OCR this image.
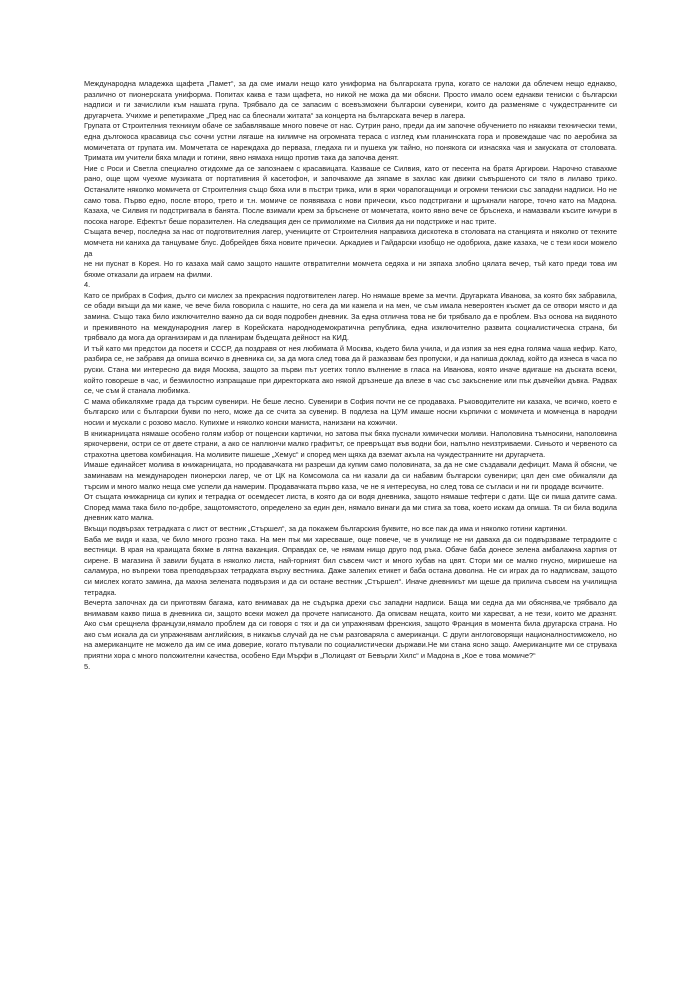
Международна младежка щафета „Памет“, за да сме имали нещо като униформа на българската група, когато се наложи да облечем нещо еднакво, различно от пионерската униформа. Попитах каква е тази щафета, но никой не можа да ми обясни. Просто имало осем еднакви тениски с български надписи и ги зачислили към нашата група. Трябвало да се запасим с всевъзможни български сувенири, които да разменяме с чуждестранните си другарчета. Учихме и репетирахме „Пред нас са блеснали житата“ за концерта на българската вечер в лагера.

Групата от Строителния техникум обаче се забавляваше много повече от нас. Сутрин рано, преди да им започне обучението по някакви технически теми, една дългокоса красавица със сочни устни лягаше на килимче на огромната тераса с изглед към планинската гора и провеждаше час по аеробика за момичетата от групата им. Момчетата се нареждаха до перваза, гледаха ги и пушеха уж тайно, но понякога си изнасяха чая и закуската от столовата. Тримата им учители бяха млади и готини, явно нямаха нищо против така да започва денят.

Ние с Роси и Светла специално отидохме да се запознаем с красавицата. Казваше се Силвия, като от песента на братя Аргирови. Нарочно ставахме рано, още щом чуехме музиката от портативния й касетофон, и започвахме да зяпаме в захлас как движи съвършеното си тяло в лилаво трико. Останалите няколко момичета от Строителния също бяха или в пъстри трика, или в ярки чорапогащници и огромни тениски със западни надписи. Но не само това. Първо едно, после второ, трето и т.н. момиче се появяваха с нови прически, късо подстригани и щръкнали нагоре, точно като на Мадона. Казаха, че Силвия ги подстригвала в банята. После взимали крем за бръснене от момчетата, които явно вече се бръснеха, и намазвали късите кичури в посока нагоре. Ефектът беше поразителен. На следващия ден се примолихме на Силвия да ни подстриже и нас трите.

Същата вечер, последна за нас от подготвителния лагер, учениците от Строителния направиха дискотека в столовата на станцията и няколко от техните момчета ни каниха да танцуваме блус. Добрейдев бяха новите прически. Аркадиев и Гайдарски изобщо не одобриха, даже казаха, че с тези коси можело да

не ни пуснат в Корея. Но го казаха май само защото нашите отвратителни момчета седяха и ни зяпаха злобно цялата вечер, тъй като преди това им бяхме отказали да играем на филми.

4.

Като се прибрах в София, дълго си мислех за прекрасния подготвителен лагер. Но нямаше време за мечти. Другарката Иванова, за която бях забравила, се обади вкъщи да ми каже, че вече била говорила с нашите, но сега да ми кажела и на мен, че съм имала невероятен късмет да се отвори място и да замина. Също така било изключително важно да си водя подробен дневник. За една отлична това не би трябвало да е проблем. Въз основа на видяното и преживяното на международния лагер в Корейската народнодемократична република, една изключително развита социалистическа страна, би трябвало да мога да организирам и да планирам бъдещата дейност на КИД.

И тъй като ми предстои да посетя и СССР, да поздравя от нея любимата й Москва, където била учила, и да изпия за нея една голяма чаша кефир. Като, разбира се, не забравя да опиша всичко в дневника си, за да мога след това да й разказвам без пропуски, и да напиша доклад, който да изнеса в часа по руски. Стана ми интересно да видя Москва, защото за първи път усетих топло вълнение в гласа на Иванова, която иначе вдигаше на дъската всеки, който говореше в час, и безмилостно изпращаше при директорката ако някой дръзнеше да влезе в час със закъснение или пък дъвчейки дъвка. Радвах се, че съм й станала любимка.

С мама обикаляхме града да търсим сувенири. Не беше лесно. Сувенири в София почти не се продаваха. Ръководителите ни казаха, че всичко, което е българско или с български букви по него, може да се счита за сувенир. В подлеза на ЦУМ имаше носни кърпички с момичета и момченца в народни носии и мускали с розово масло. Купихме и няколко конски маниста, нанизани на кожички.

В книжарницата нямаше особено голям избор от пощенски картички, но затова пък бяха пуснали химически моливи. Наполовина тъмносини, наполовина яркочервени, остри се от двете страни, а ако се наплюнчи малко графитът, се превръщат във водни бои, напълно неизтриваеми. Синьото и червеното са страхотна цветова комбинация. На моливите пишеше „Хемус“ и според мен щяха да вземат акъла на чуждестранните ни другарчета.

Имаше единайсет молива в книжарницата, но продавачката ни разреши да купим само половината, за да не сме създавали дефицит. Мама й обясни, че заминавам на международен пионерски лагер, че от ЦК на Комсомола са ни казали да си набавим български сувенири; цял ден сме обикаляли да търсим и много малко неща сме успели да намерим. Продавачката първо каза, че не я интересува, но след това се съгласи и ни ги продаде всичките.

От същата книжарница си купих и тетрадка от осемдесет листа, в която да си водя дневника, защото нямаше тефтери с дати. Ще си пиша датите сама. Според мама така било по-добре, защотомястото, определено за един ден, нямало винаги да ми стига за това, което искам да опиша. Тя си била водила дневник като малка.

Вкъщи подвързах тетрадката с лист от вестник „Стършел“, за да покажем българския буквите, но все пак да има и няколко готини картинки.

Баба ме видя и каза, че било много грозно така. На мен пък ми харесваше, още повече, че в училище не ни даваха да си подвързваме тетрадките с вестници. В края на краищата бяхме в лятна ваканция. Оправдах се, че нямам нищо друго под ръка. Обаче баба донесе зелена амбалажна хартия от сирене. В магазина й завили буцата в няколко листа, най-горният бил съвсем чист и много хубав на цвят. Стори ми се малко гнусно, миришеше на саламура, но въпреки това преподвързах тетрадката върху вестника. Даже залепих етикет и баба остана доволна. Не си играх да го надписвам, защото си мислех когато замина, да махна зелената подвързия и да си остане вестник „Стършел“. Иначе дневникът ми щеше да прилича съвсем на училищна тетрадка.

Вечерта започнах да си приготвям багажа, като внимавах да не съдържа дрехи със западни надписи. Баща ми седна да ми обяснява,че трябвало да внимавам какво пиша в дневника си, защото всеки можел да прочете написаното. Да описвам нещата, които ми харесват, а не тези, които ме дразнят. Ако съм срещнела французи,нямало проблем да си говоря с тях и да си упражнявам френския, защото Франция в момента била другарска страна. Но ако съм искала да си упражнявам английския, в никакъв случай да не съм разговаряла с американци. С други англоговорящи националностиможело, но на американците не можело да им се има доверие, когато пътували по социалистически държави.Не ми стана ясно защо. Американците ми се струваха приятни хора с много положителни качества, особено Еди Мърфи в „Полицаят от Бевърли Хилс“ и Мадона в „Кое е това момиче?“

5.
